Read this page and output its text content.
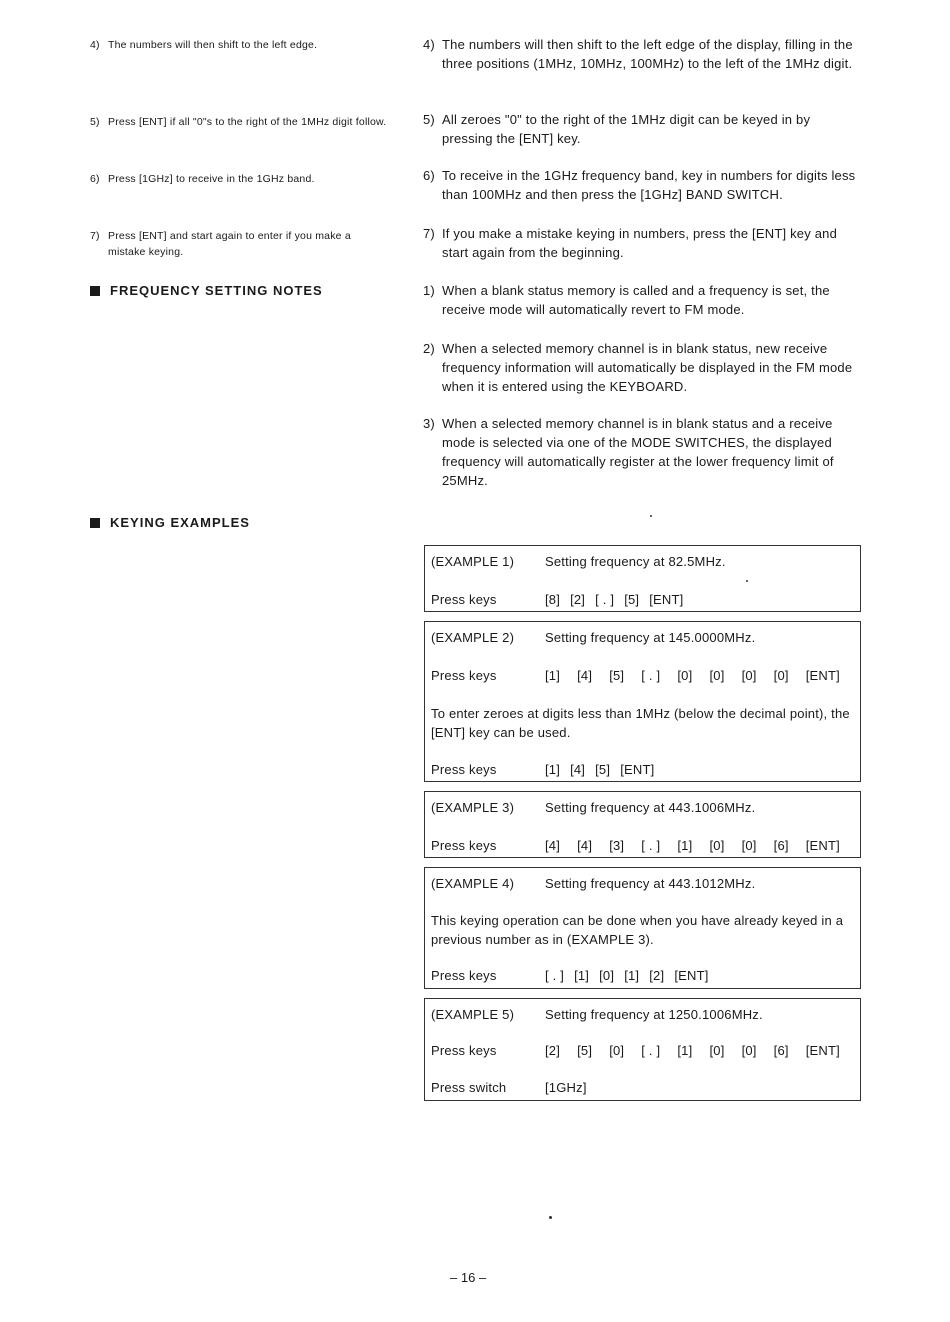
4) The numbers will then shift to the left edge.
5) Press [ENT] if all "0"s to the right of the 1MHz digit follow.
6) Press [1GHz] to receive in the 1GHz band.
7) Press [ENT] and start again to enter if you make a mistake keying.
4) The numbers will then shift to the left edge of the display, filling in the three positions (1MHz, 10MHz, 100MHz) to the left of the 1MHz digit.
5) All zeroes "0" to the right of the 1MHz digit can be keyed in by pressing the [ENT] key.
6) To receive in the 1GHz frequency band, key in numbers for digits less than 100MHz and then press the [1GHz] BAND SWITCH.
7) If you make a mistake keying in numbers, press the [ENT] key and start again from the beginning.
FREQUENCY SETTING NOTES	1) When a blank status memory is called and a frequency is set, the receive mode will automatically revert to FM mode.
2) When a selected memory channel is in blank status, new receive frequency information will automatically be displayed in the FM mode when it is entered using the KEYBOARD.
3) When a selected memory channel is in blank status and a receive mode is selected via one of the MODE SWITCHES, the displayed frequency will automatically register at the lower frequency limit of 25MHz.
KEYING EXAMPLES
(EXAMPLE 1)	Setting frequency at 82.5MHz.
Press keys	[8] [2] [ . ] [5] [ENT]
(EXAMPLE 2)	Setting frequency at 145.0000MHz.
Press keys	[1] [4] [5] [ . ] [0] [0] [0] [0] [ENT]
To enter zeroes at digits less than 1MHz (below the decimal point), the [ENT] key can be used.
Press keys	[1] [4] [5] [ENT]
(EXAMPLE 3)	Setting frequency at 443.1006MHz.
Press keys	[4] [4] [3] [ . ] [1] [0] [0] [6] [ENT]
(EXAMPLE 4)	Setting frequency at 443.1012MHz.
This keying operation can be done when you have already keyed in a previous number as in (EXAMPLE 3).
Press keys	[ . ] [1] [0] [1] [2] [ENT]
(EXAMPLE 5)	Setting frequency at 1250.1006MHz.
Press keys	[2] [5] [0] [ . ] [1] [0] [0] [6] [ENT]
Press switch	[1GHz]
– 16 –
